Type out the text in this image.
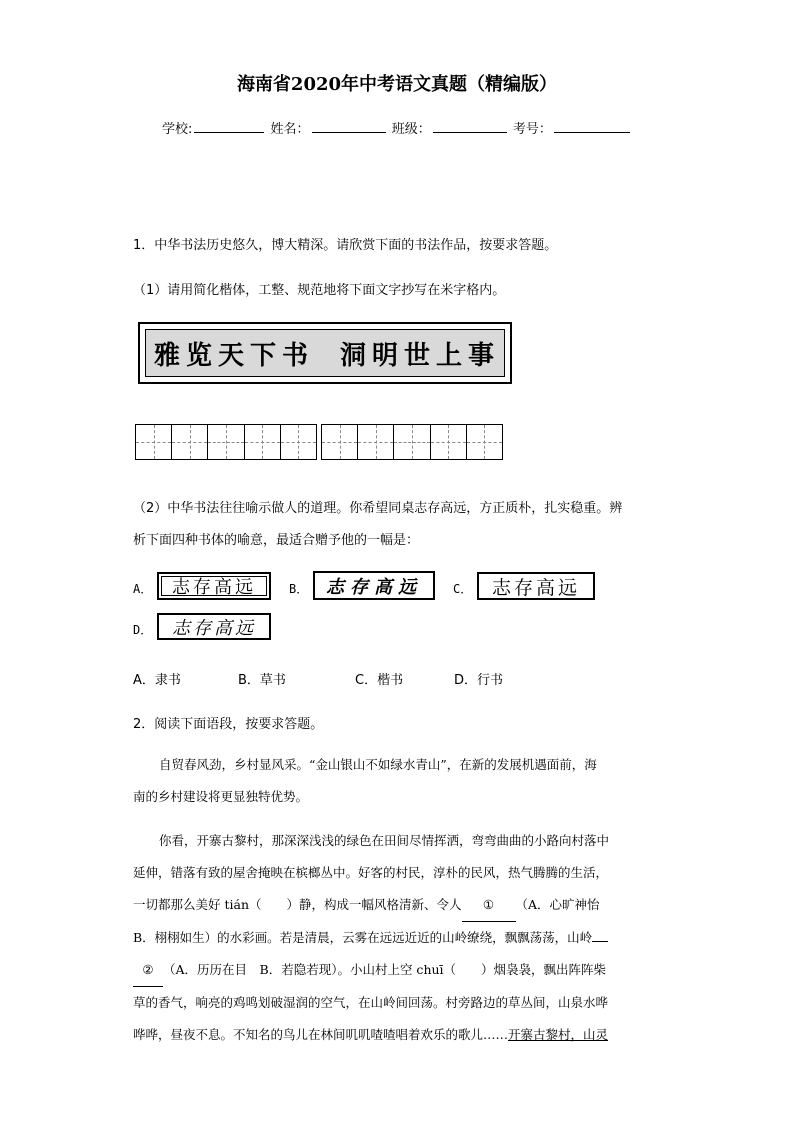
海南省2020年中考语文真题（精编版）
学校:	姓名：	班级：	考号：
1．中华书法历史悠久，博大精深。请欣赏下面的书法作品，按要求答题。
（1）请用简化楷体，工整、规范地将下面文字抄写在米字格内。
雅览天下书 洞明世上事
（2）中华书法往往喻示做人的道理。你希望同桌志存高远，方正质朴，扎实稳重。辨
析下面四种书体的喻意，最适合赠予他的一幅是：
A．	志存高远	B． 志存高远	C．	志存高远
D．	志存高远
A．隶书	B．草书	C．楷书	D．行书
2．阅读下面语段，按要求答题。

自贸春风劲，乡村显风采。“金山银山不如绿水青山”，在新的发展机遇面前，海

南的乡村建设将更显独特优势。

你看，开寨古黎村，那深深浅浅的绿色在田间尽情挥洒，弯弯曲曲的小路向村落中

延伸，错落有致的屋舍掩映在槟榔丛中。好客的村民，淳朴的民风，热气腾腾的生活，

一切都那么美好 tián（　　）静，构成一幅风格清新、令人 ① （A．心旷神怡

B．栩栩如生）的水彩画。若是清晨，云雾在远远近近的山岭缭绕，飘飘荡荡，山岭

② （A．历历在目　B．若隐若现）。小山村上空 chuī（　　）烟袅袅，飘出阵阵柴

草的香气，响亮的鸡鸣划破湿润的空气，在山岭间回荡。村旁路边的草丛间，山泉水哗

哗哗，昼夜不息。不知名的鸟儿在林间叽叽喳喳唱着欢乐的歌儿……开寨古黎村，山灵
